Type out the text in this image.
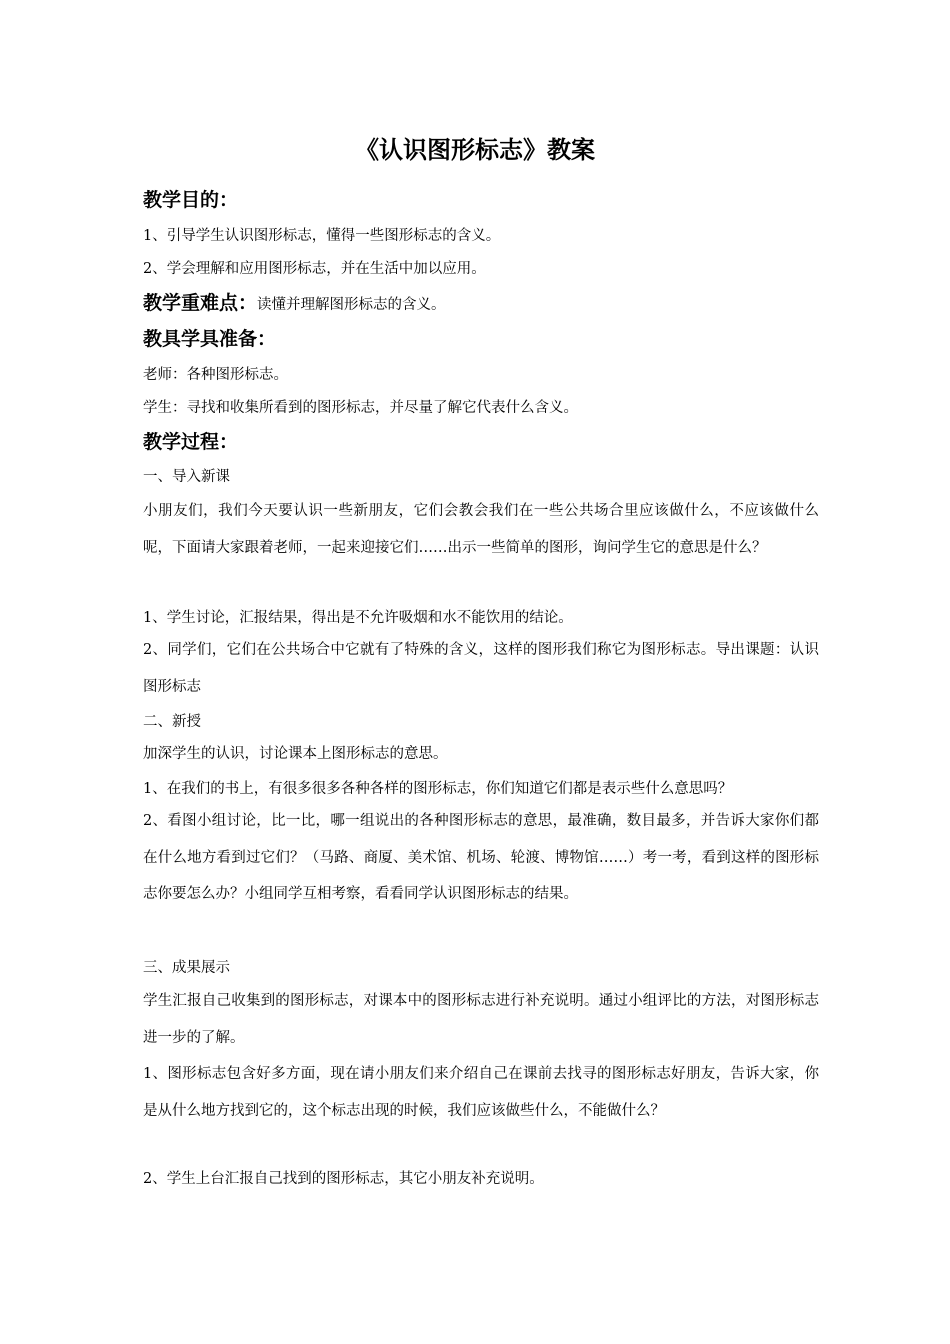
《认识图形标志》教案
教学目的：
1、引导学生认识图形标志，懂得一些图形标志的含义。
2、学会理解和应用图形标志，并在生活中加以应用。
教学重难点：读懂并理解图形标志的含义。
教具学具准备：
老师：各种图形标志。
学生：寻找和收集所看到的图形标志，并尽量了解它代表什么含义。
教学过程：
一、导入新课
小朋友们，我们今天要认识一些新朋友，它们会教会我们在一些公共场合里应该做什么，不应该做什么呢，下面请大家跟着老师，一起来迎接它们……出示一些简单的图形，询问学生它的意思是什么？
1、学生讨论，汇报结果，得出是不允许吸烟和水不能饮用的结论。
2、同学们，它们在公共场合中它就有了特殊的含义，这样的图形我们称它为图形标志。导出课题：认识图形标志
二、新授
加深学生的认识，讨论课本上图形标志的意思。
1、在我们的书上，有很多很多各种各样的图形标志，你们知道它们都是表示些什么意思吗？
2、看图小组讨论，比一比，哪一组说出的各种图形标志的意思，最准确，数目最多，并告诉大家你们都在什么地方看到过它们？（马路、商厦、美术馆、机场、轮渡、博物馆……）考一考，看到这样的图形标志你要怎么办？小组同学互相考察，看看同学认识图形标志的结果。
三、成果展示
学生汇报自己收集到的图形标志，对课本中的图形标志进行补充说明。通过小组评比的方法，对图形标志进一步的了解。
1、图形标志包含好多方面，现在请小朋友们来介绍自己在课前去找寻的图形标志好朋友，告诉大家，你是从什么地方找到它的，这个标志出现的时候，我们应该做些什么，不能做什么？
2、学生上台汇报自己找到的图形标志，其它小朋友补充说明。
